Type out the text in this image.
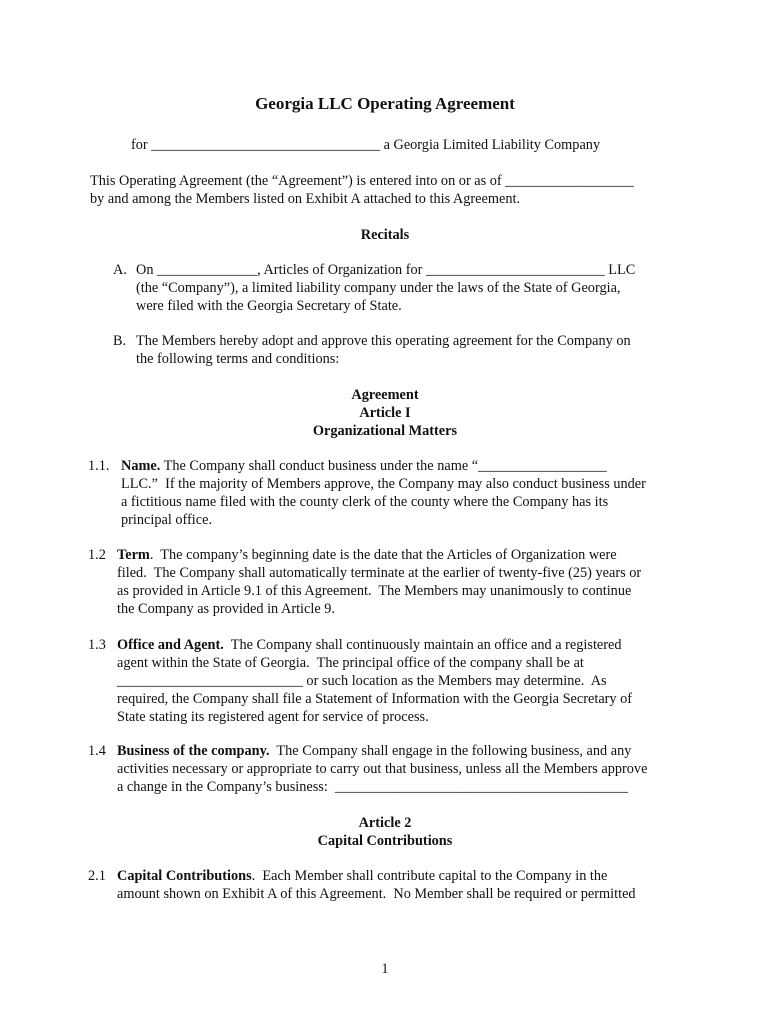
Georgia LLC Operating Agreement
for ________________________________ a Georgia Limited Liability Company
This Operating Agreement (the “Agreement”) is entered into on or as of __________________
by and among the Members listed on Exhibit A attached to this Agreement.
Recitals
A. On ______________, Articles of Organization for _________________________ LLC
(the “Company”), a limited liability company under the laws of the State of Georgia,
were filed with the Georgia Secretary of State.
B. The Members hereby adopt and approve this operating agreement for the Company on
the following terms and conditions:
Agreement
Article I
Organizational Matters
1.1. Name. The Company shall conduct business under the name “__________________
LLC.”  If the majority of Members approve, the Company may also conduct business under
a fictitious name filed with the county clerk of the county where the Company has its
principal office.
1.2 Term.  The company’s beginning date is the date that the Articles of Organization were
filed.  The Company shall automatically terminate at the earlier of twenty-five (25) years or
as provided in Article 9.1 of this Agreement.  The Members may unanimously to continue
the Company as provided in Article 9.
1.3 Office and Agent.  The Company shall continuously maintain an office and a registered
agent within the State of Georgia.  The principal office of the company shall be at
__________________________ or such location as the Members may determine.  As
required, the Company shall file a Statement of Information with the Georgia Secretary of
State stating its registered agent for service of process.
1.4 Business of the company.  The Company shall engage in the following business, and any
activities necessary or appropriate to carry out that business, unless all the Members approve
a change in the Company’s business:  _________________________________________
Article 2
Capital Contributions
2.1 Capital Contributions.  Each Member shall contribute capital to the Company in the
amount shown on Exhibit A of this Agreement.  No Member shall be required or permitted
1
